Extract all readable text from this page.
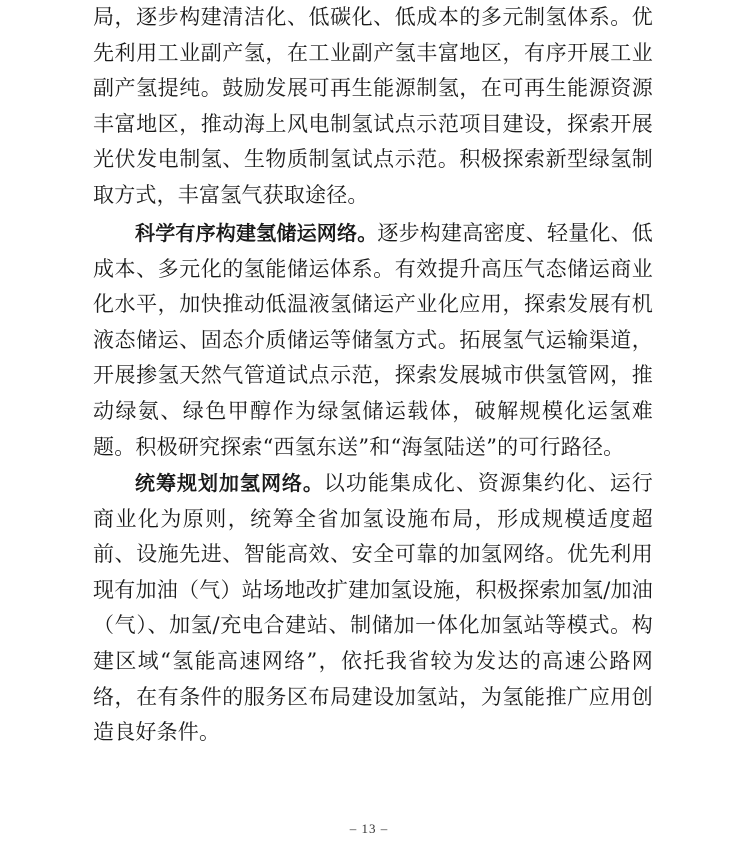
局，逐步构建清洁化、低碳化、低成本的多元制氢体系。优先利用工业副产氢，在工业副产氢丰富地区，有序开展工业副产氢提纯。鼓励发展可再生能源制氢，在可再生能源资源丰富地区，推动海上风电制氢试点示范项目建设，探索开展光伏发电制氢、生物质制氢试点示范。积极探索新型绿氢制取方式，丰富氢气获取途径。

科学有序构建氢储运网络。逐步构建高密度、轻量化、低成本、多元化的氢能储运体系。有效提升高压气态储运商业化水平，加快推动低温液氢储运产业化应用，探索发展有机液态储运、固态介质储运等储氢方式。拓展氢气运输渠道，开展掺氢天然气管道试点示范，探索发展城市供氢管网，推动绿氨、绿色甲醇作为绿氢储运载体，破解规模化运氢难题。积极研究探索“西氢东送”和“海氢陆送”的可行路径。

统筹规划加氢网络。以功能集成化、资源集约化、运行商业化为原则，统筹全省加氢设施布局，形成规模适度超前、设施先进、智能高效、安全可靠的加氢网络。优先利用现有加油（气）站场地改扩建加氢设施，积极探索加氢/加油（气）、加氢/充电合建站、制储加一体化加氢站等模式。构建区域“氢能高速网络”，依托我省较为发达的高速公路网络，在有条件的服务区布局建设加氢站，为氢能推广应用创造良好条件。

– 13 –
